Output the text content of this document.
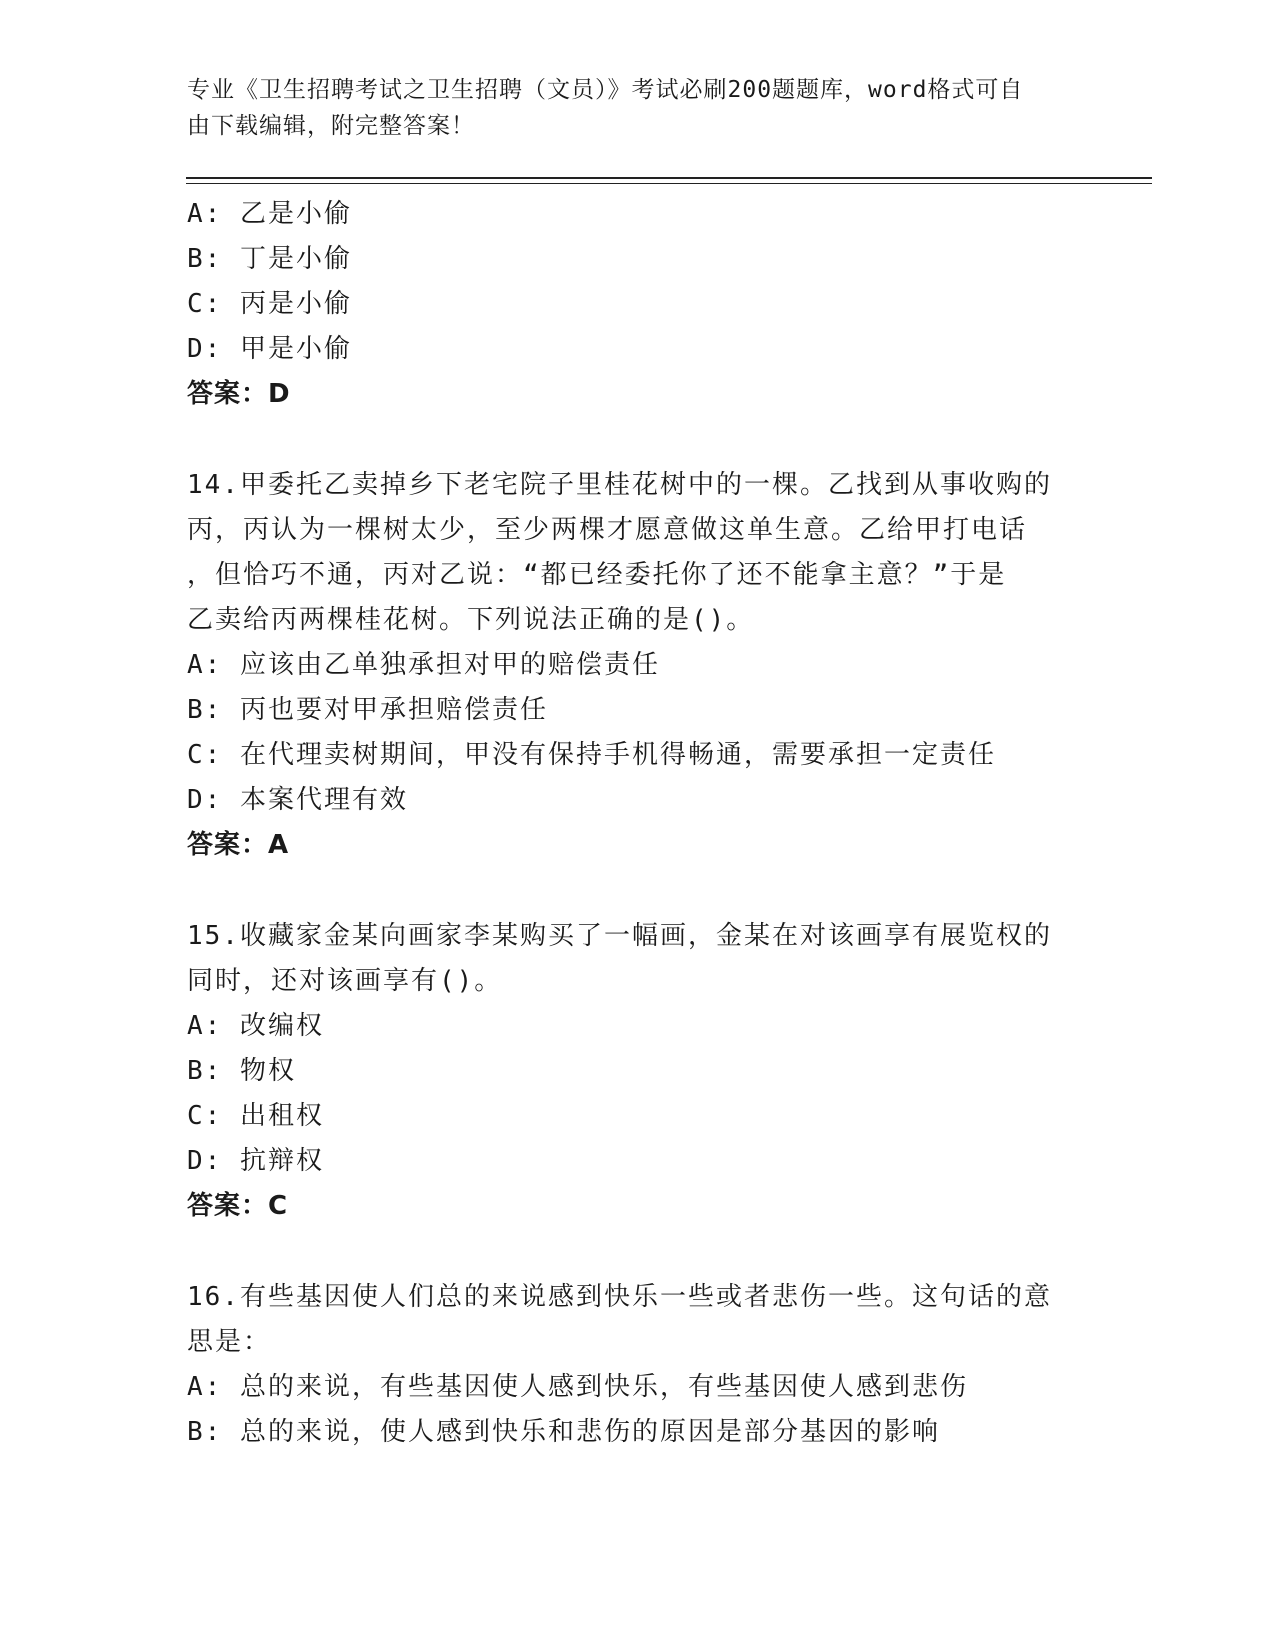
专业《卫生招聘考试之卫生招聘（文员）》考试必刷200题题库，word格式可自
由下载编辑，附完整答案！
A: 乙是小偷
B: 丁是小偷
C: 丙是小偷
D: 甲是小偷
答案：D
14.甲委托乙卖掉乡下老宅院子里桂花树中的一棵。乙找到从事收购的
丙，丙认为一棵树太少，至少两棵才愿意做这单生意。乙给甲打电话
，但恰巧不通，丙对乙说：“都已经委托你了还不能拿主意？”于是
乙卖给丙两棵桂花树。下列说法正确的是()。
A: 应该由乙单独承担对甲的赔偿责任
B: 丙也要对甲承担赔偿责任
C: 在代理卖树期间，甲没有保持手机得畅通，需要承担一定责任
D: 本案代理有效
答案：A
15.收藏家金某向画家李某购买了一幅画，金某在对该画享有展览权的
同时，还对该画享有()。
A: 改编权
B: 物权
C: 出租权
D: 抗辩权
答案：C
16.有些基因使人们总的来说感到快乐一些或者悲伤一些。这句话的意
思是：
A: 总的来说，有些基因使人感到快乐，有些基因使人感到悲伤
B: 总的来说，使人感到快乐和悲伤的原因是部分基因的影响
